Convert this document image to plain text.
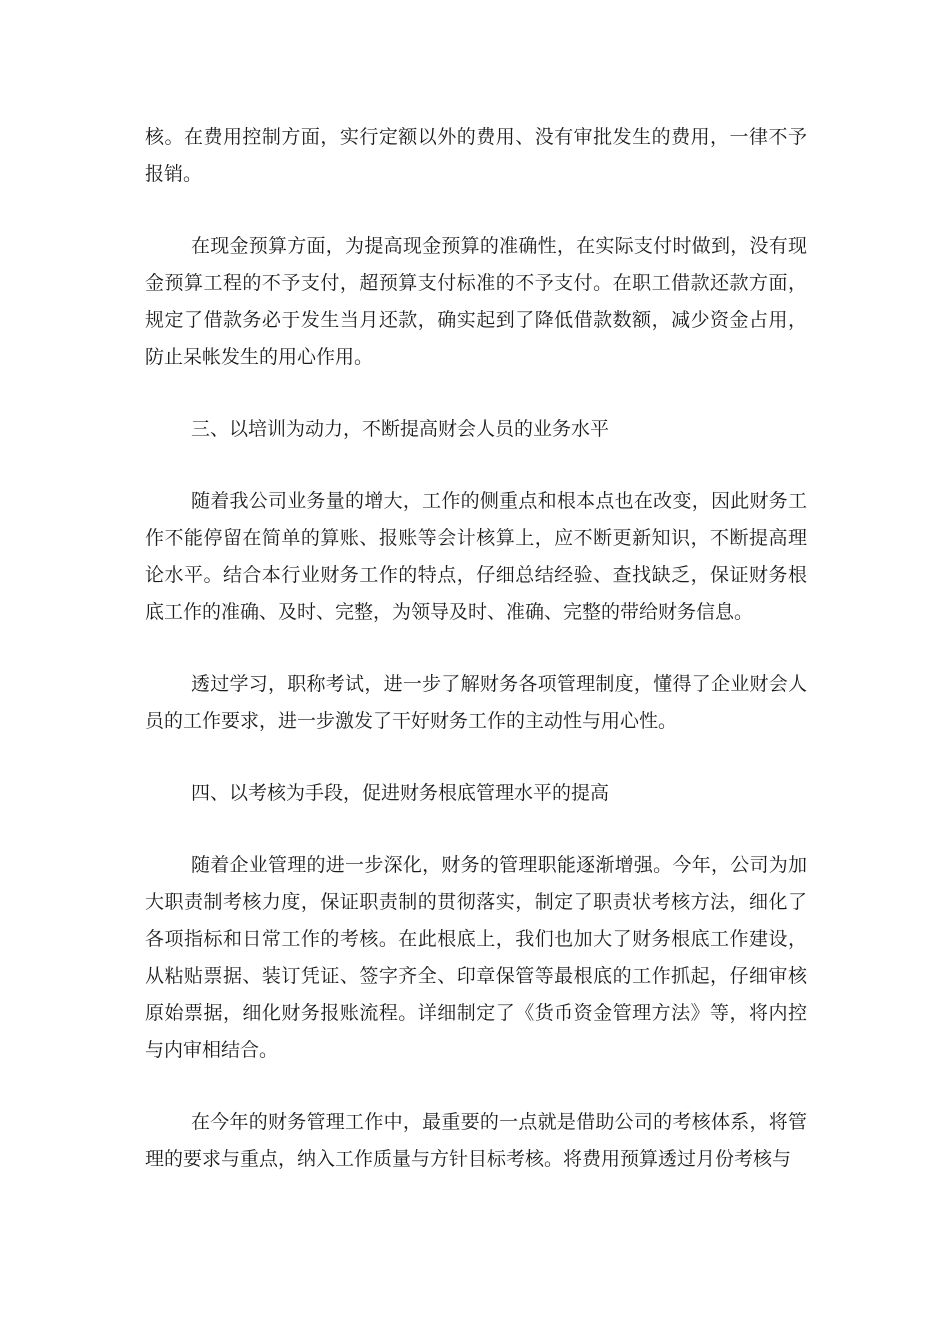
核。在费用控制方面，实行定额以外的费用、没有审批发生的费用，一律不予报销。

在现金预算方面，为提高现金预算的准确性，在实际支付时做到，没有现金预算工程的不予支付，超预算支付标准的不予支付。在职工借款还款方面，规定了借款务必于发生当月还款，确实起到了降低借款数额，减少资金占用，防止呆帐发生的用心作用。

三、以培训为动力，不断提高财会人员的业务水平

随着我公司业务量的增大，工作的侧重点和根本点也在改变，因此财务工作不能停留在简单的算账、报账等会计核算上，应不断更新知识，不断提高理论水平。结合本行业财务工作的特点，仔细总结经验、查找缺乏，保证财务根底工作的准确、及时、完整，为领导及时、准确、完整的带给财务信息。

透过学习，职称考试，进一步了解财务各项管理制度，懂得了企业财会人员的工作要求，进一步激发了干好财务工作的主动性与用心性。

四、以考核为手段，促进财务根底管理水平的提高

随着企业管理的进一步深化，财务的管理职能逐渐增强。今年，公司为加大职责制考核力度，保证职责制的贯彻落实，制定了职责状考核方法，细化了各项指标和日常工作的考核。在此根底上，我们也加大了财务根底工作建设，从粘贴票据、装订凭证、签字齐全、印章保管等最根底的工作抓起，仔细审核原始票据，细化财务报账流程。详细制定了《货币资金管理方法》等，将内控与内审相结合。

在今年的财务管理工作中，最重要的一点就是借助公司的考核体系，将管理的要求与重点，纳入工作质量与方针目标考核。将费用预算透过月份考核与
